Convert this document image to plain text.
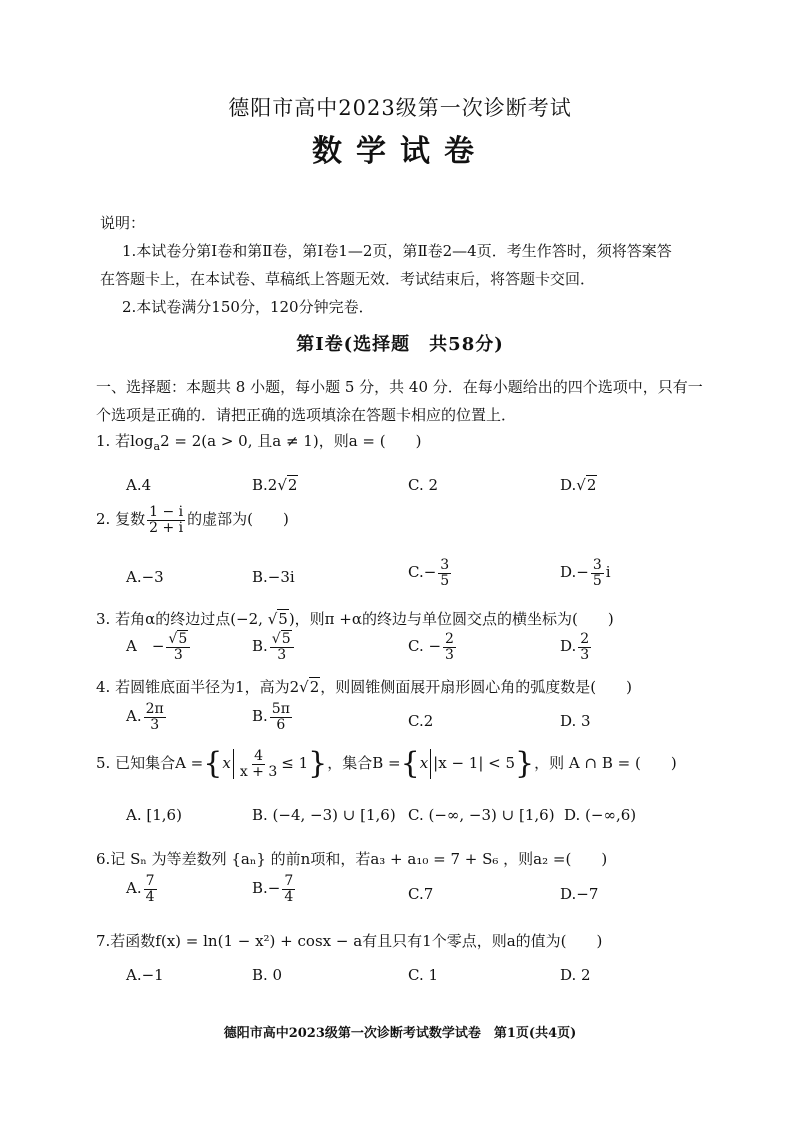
德阳市高中2023级第一次诊断考试
数学试卷
说明：
1.本试卷分第Ⅰ卷和第Ⅱ卷，第Ⅰ卷1—2页，第Ⅱ卷2—4页．考生作答时，须将答案答
在答题卡上，在本试卷、草稿纸上答题无效．考试结束后，将答题卡交回．
2.本试卷满分150分，120分钟完卷．
第Ⅰ卷(选择题　共58分)
一、选择题：本题共 8 小题，每小题 5 分，共 40 分．在每小题给出的四个选项中，只有一
个选项是正确的．请把正确的选项填涂在答题卡相应的位置上．
1. 若$\log_a2 = 2(a > 0$, 且a ≠ 1)，则a = (　　)
A.4	B.2√2	C. 2	D.√2
2. 复数 $\frac{1 - i}{2 + i}$ 的虚部为(　　)
A.−3	B.−3i	$C.- \frac{3}{5}$	$D.- \frac{3}{5}$ i
3. 若角α的终边过点(−2, √5)，则π +α的终边与单位圆交点的横坐标为(　　)
A　− $\frac{√5}{3}$	B. $\frac{√5}{3}$	C. − $\frac{2}{3}$	D. $\frac{2}{3}$
4. 若圆锥底面半径为1，高为2√2，则圆锥侧面展开扇形圆心角的弧度数是(　　)
A. $\frac{2\pi}{3}$	B. $\frac{5\pi}{6}$	C.2	D. 3
5. 已知集合$A =\{x \frac{4}{x + 3} \le 1\}$，集合B ={x |x − 1| < 5}，则 A ∩ B = (　　)
A. [1,6)	B. (−4, −3) ∪ [1,6) C. (−∞, −3) ∪ [1,6) D. (−∞,6)
6.记 Sₙ 为等差数列 {aₙ} 的前n项和，若a₃ + a₁₀ = 7 + S₆ ，则a₂ =(　　)
A. $\frac{7}{4}$	$B.- \frac{7}{4}$	C.7	D.−7
7.若函数f(x) = ln(1 − x²) + cosx − a有且只有1个零点，则a的值为(　　)
A.−1	B. 0	C. 1	D. 2
德阳市高中2023级第一次诊断考试数学试卷　第1页(共4页)
